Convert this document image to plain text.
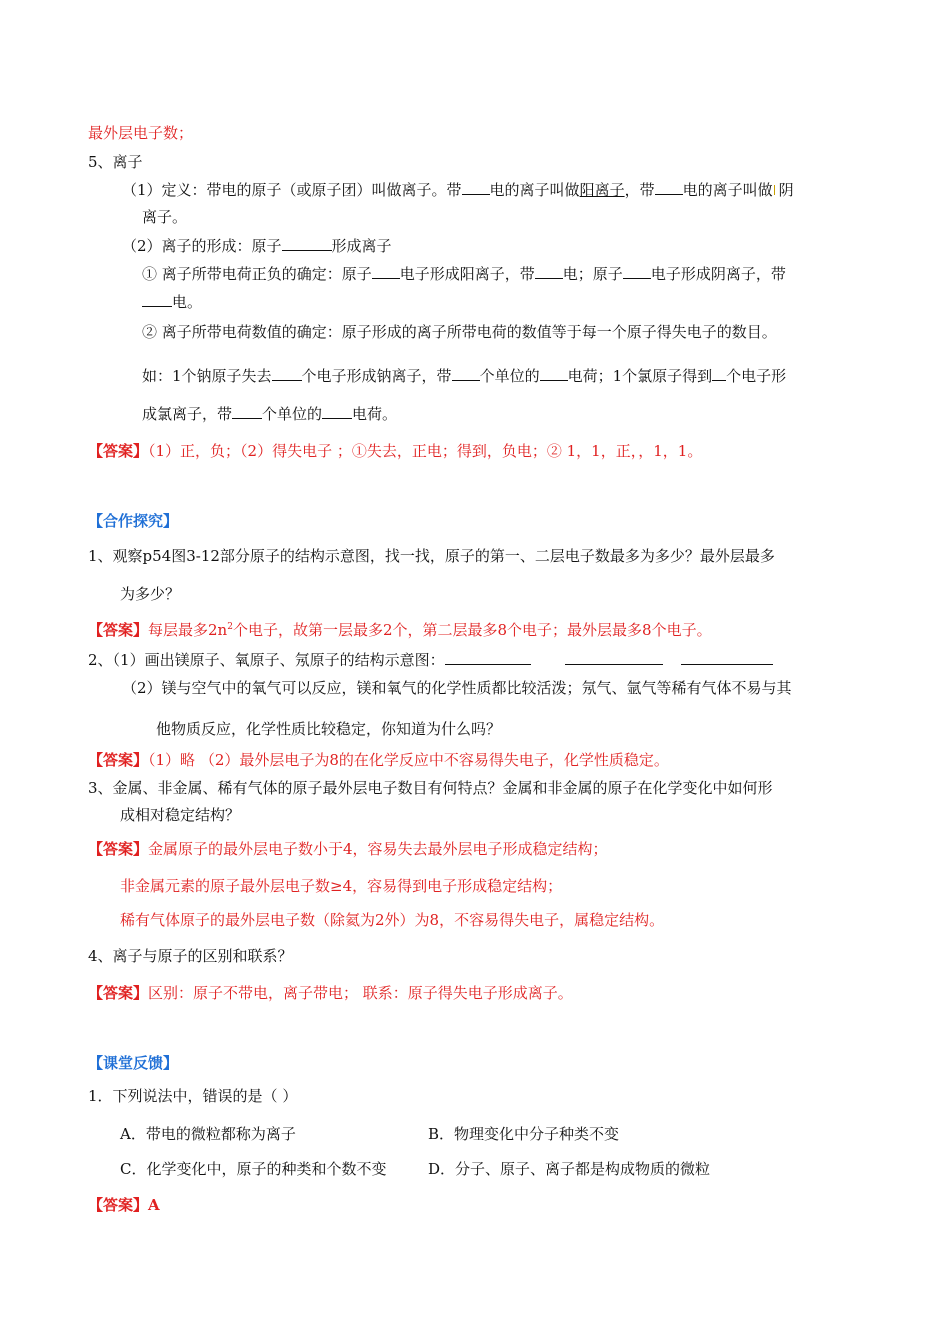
最外层电子数；
5、离子
（1）定义：带电的原子（或原子团）叫做离子。带 电的离子叫做阳离子，带 电的离子叫做 阴
离子。
（2）离子的形成：原子	形成离子
① 离子所带电荷正负的确定：原子 电子形成阳离子，带 电；原子 电子形成阴离子，带
电。
② 离子所带电荷数值的确定：原子形成的离子所带电荷的数值等于每一个原子得失电子的数目。
如：1个钠原子失去 个电子形成钠离子，带 个单位的 电荷；1个氯原子得到 个电子形
成氯离子，带 个单位的 电荷。
【答案】（1）正，负；（2）得失电子 ；①失去，正电；得到，负电；② 1，1，正，，1，1。
【合作探究】
1、观察p54图3-12部分原子的结构示意图，找一找，原子的第一、二层电子数最多为多少？最外层最多
为多少？
【答案】每层最多$2n^2$个电子，故第一层最多2个，第二层最多8个电子；最外层最多8个电子。
2、（1）画出镁原子、氧原子、氖原子的结构示意图：
（2）镁与空气中的氧气可以反应，镁和氧气的化学性质都比较活泼；氖气、氩气等稀有气体不易与其
他物质反应，化学性质比较稳定，你知道为什么吗？
【答案】（1）略 （2）最外层电子为8的在化学反应中不容易得失电子，化学性质稳定。
3、金属、非金属、稀有气体的原子最外层电子数目有何特点？金属和非金属的原子在化学变化中如何形
成相对稳定结构？
【答案】金属原子的最外层电子数小于4，容易失去最外层电子形成稳定结构；
非金属元素的原子最外层电子数≥4，容易得到电子形成稳定结构；
稀有气体原子的最外层电子数（除氦为2外）为8，不容易得失电子，属稳定结构。
4、离子与原子的区别和联系？
【答案】区别：原子不带电，离子带电； 联系：原子得失电子形成离子。
【课堂反馈】
1．下列说法中，错误的是（ ）
A．带电的微粒都称为离子	B．物理变化中分子种类不变
C．化学变化中，原子的种类和个数不变	D．分子、原子、离子都是构成物质的微粒
【答案】A
